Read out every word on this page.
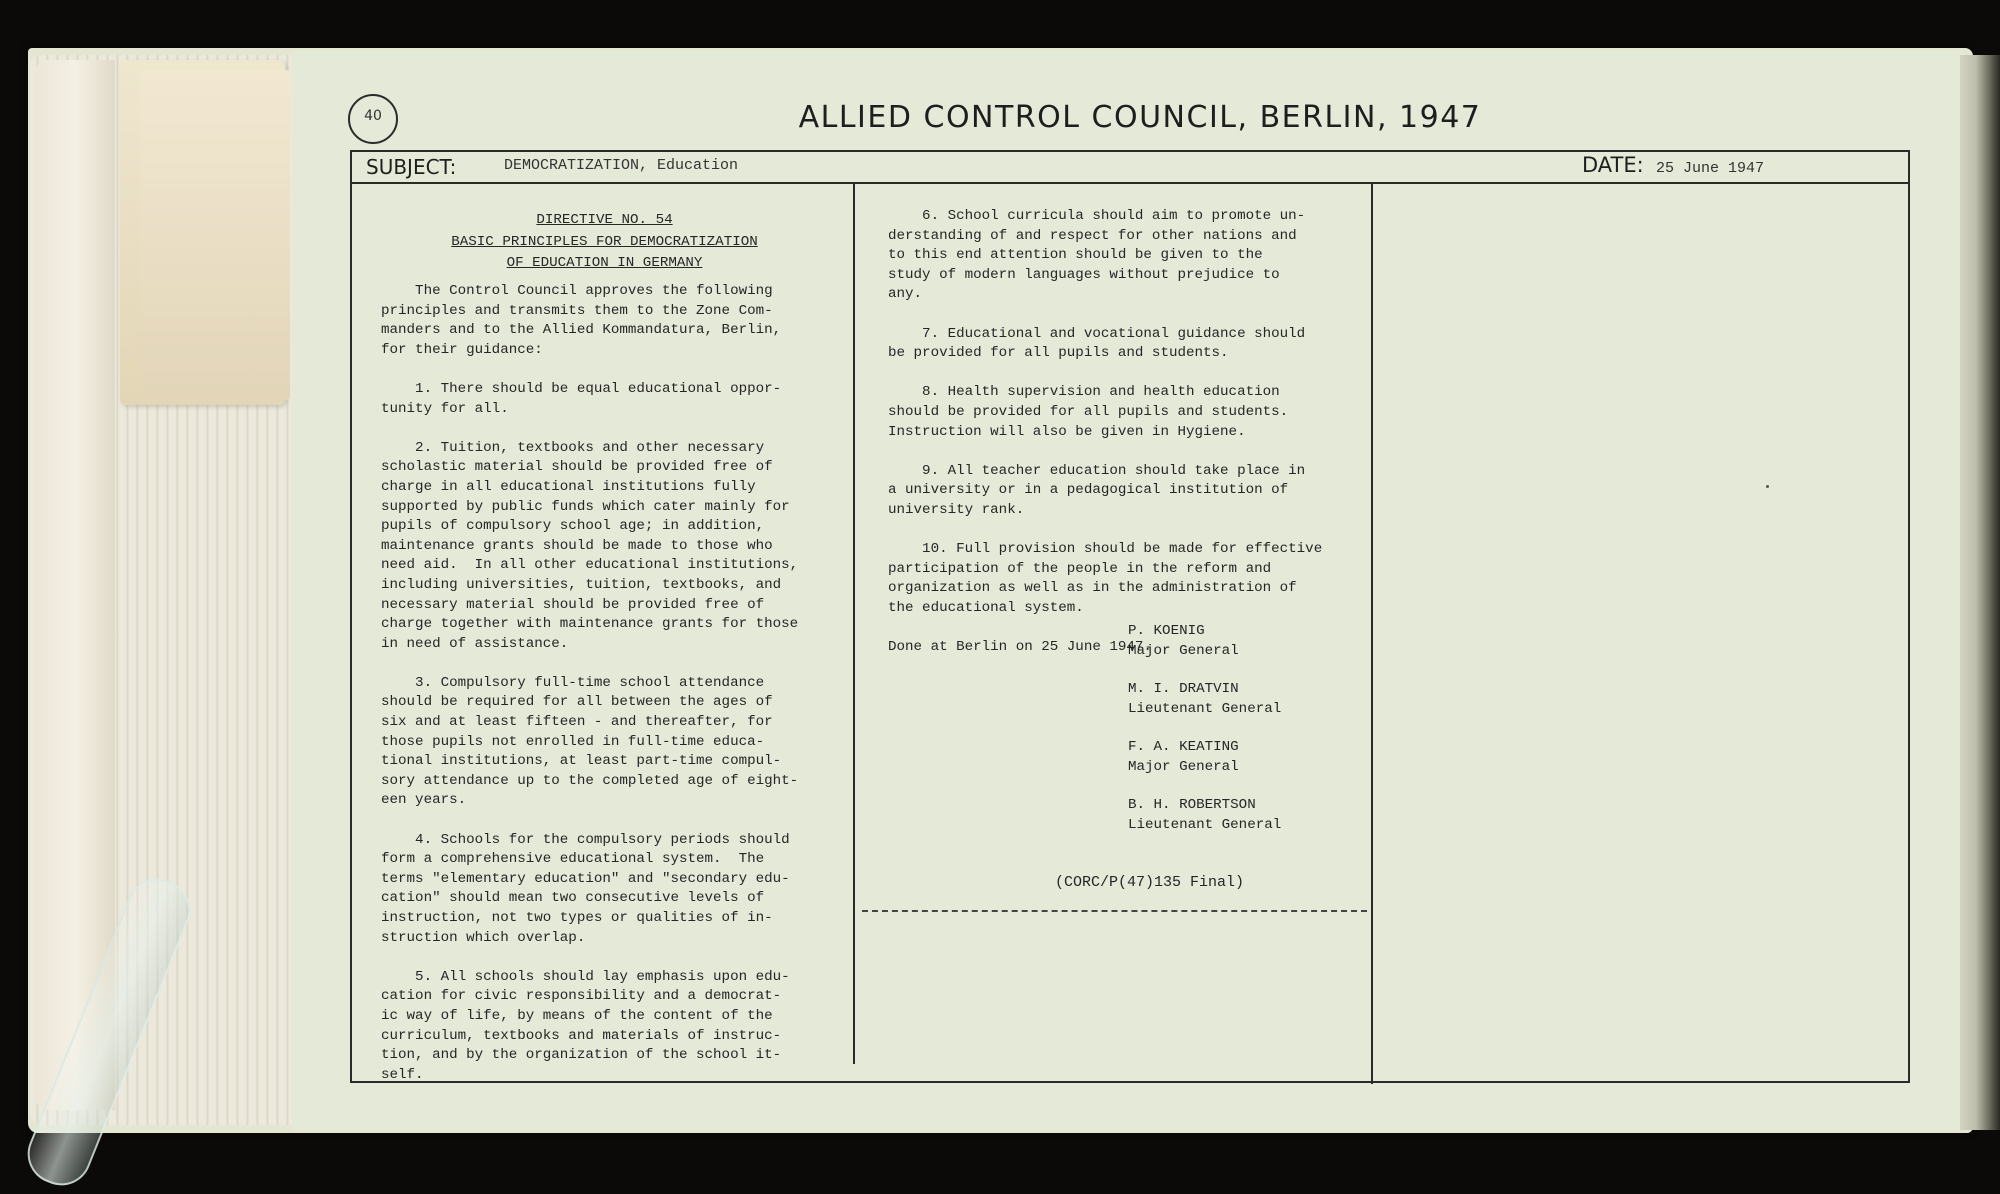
40	ALLIED CONTROL COUNCIL, BERLIN, 1947
SUBJECT:	DEMOCRATIZATION, Education	DATE: 25 June 1947
DIRECTIVE NO. 54
BASIC PRINCIPLES FOR DEMOCRATIZATION
OF EDUCATION IN GERMANY
The Control Council approves the following
principles and transmits them to the Zone Com-
manders and to the Allied Kommandatura, Berlin,
for their guidance:

1. There should be equal educational oppor-
tunity for all.

2. Tuition, textbooks and other necessary
scholastic material should be provided free of
charge in all educational institutions fully
supported by public funds which cater mainly for
pupils of compulsory school age; in addition,
maintenance grants should be made to those who
need aid.  In all other educational institutions,
including universities, tuition, textbooks, and
necessary material should be provided free of
charge together with maintenance grants for those
in need of assistance.

3. Compulsory full-time school attendance
should be required for all between the ages of
six and at least fifteen - and thereafter, for
those pupils not enrolled in full-time educa-
tional institutions, at least part-time compul-
sory attendance up to the completed age of eight-
een years.

4. Schools for the compulsory periods should
form a comprehensive educational system.  The
terms "elementary education" and "secondary edu-
cation" should mean two consecutive levels of
instruction, not two types or qualities of in-
struction which overlap.

5. All schools should lay emphasis upon edu-
cation for civic responsibility and a democrat-
ic way of life, by means of the content of the
curriculum, textbooks and materials of instruc-
tion, and by the organization of the school it-
self.
6. School curricula should aim to promote un-
derstanding of and respect for other nations and
to this end attention should be given to the
study of modern languages without prejudice to
any.

7. Educational and vocational guidance should
be provided for all pupils and students.

8. Health supervision and health education
should be provided for all pupils and students.
Instruction will also be given in Hygiene.

9. All teacher education should take place in
a university or in a pedagogical institution of
university rank.

10. Full provision should be made for effective
participation of the people in the reform and
organization as well as in the administration of
the educational system.

Done at Berlin on 25 June 1947.
P. KOENIG
Major General
M. I. DRATVIN
Lieutenant General
F. A. KEATING
Major General
B. H. ROBERTSON
Lieutenant General
(CORC/P(47)135 Final)
